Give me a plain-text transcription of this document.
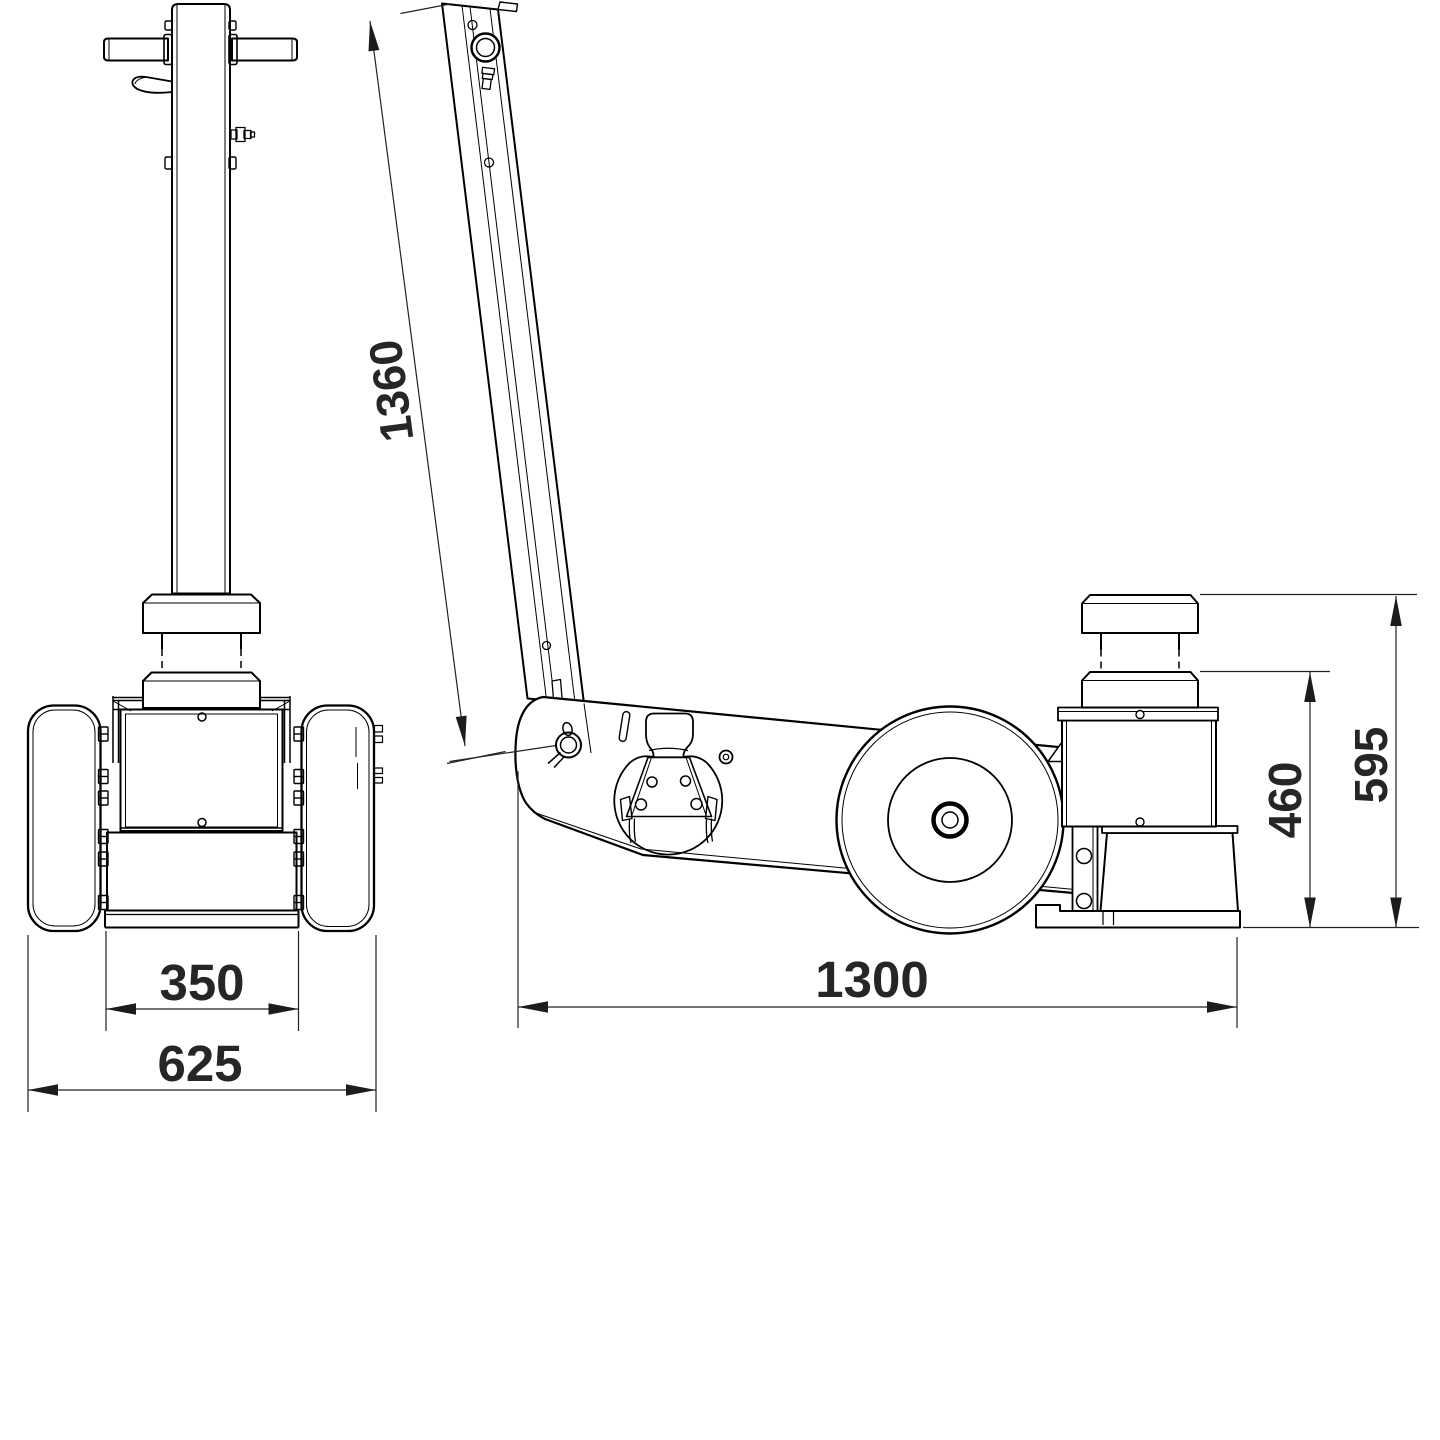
1360
350
625
1300
460 595
